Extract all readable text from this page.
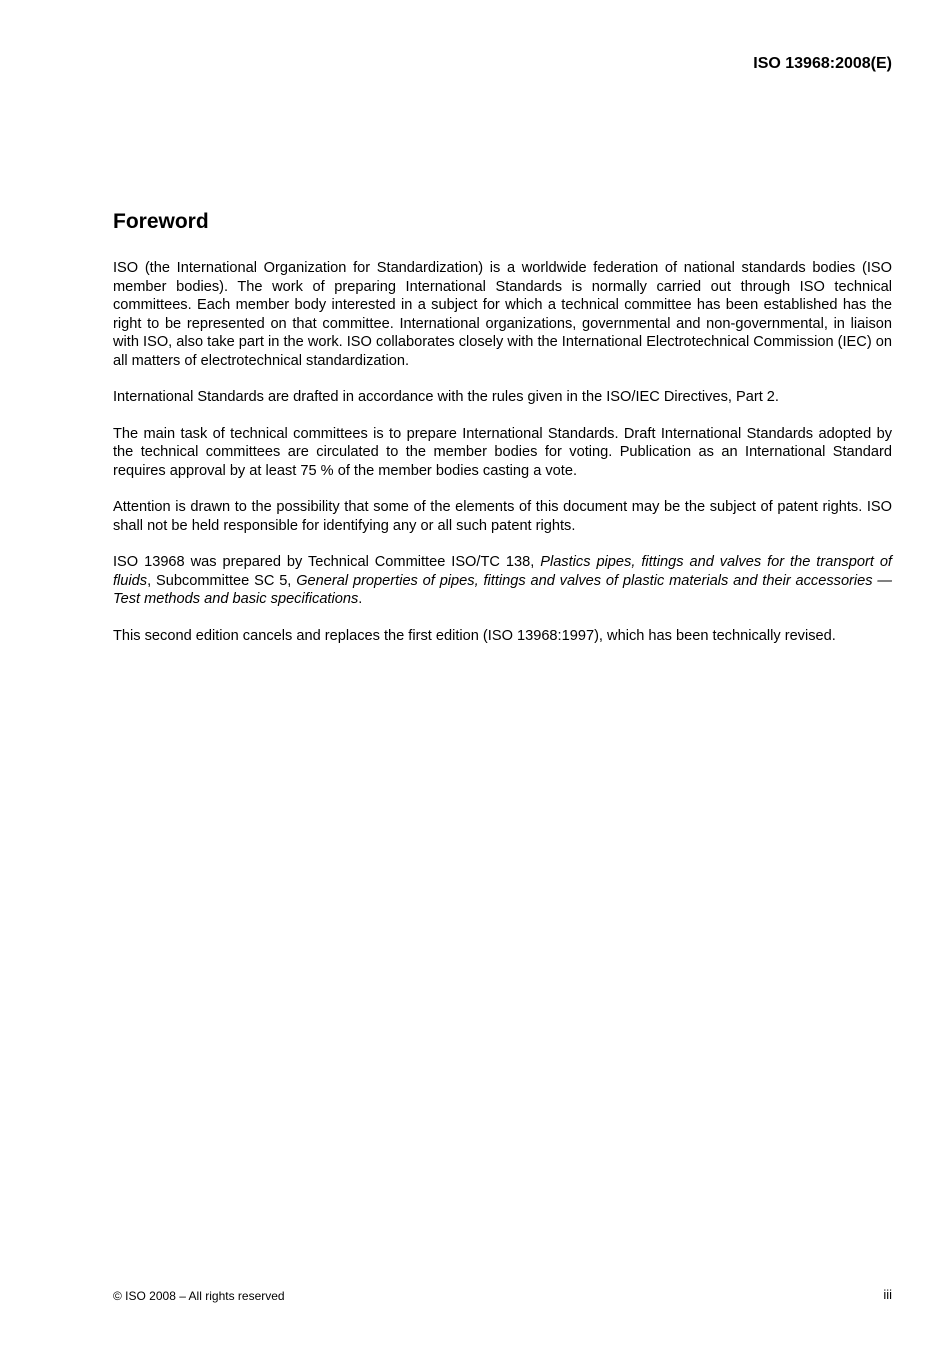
ISO 13968:2008(E)
Foreword

ISO (the International Organization for Standardization) is a worldwide federation of national standards bodies (ISO member bodies). The work of preparing International Standards is normally carried out through ISO technical committees. Each member body interested in a subject for which a technical committee has been established has the right to be represented on that committee. International organizations, governmental and non-governmental, in liaison with ISO, also take part in the work. ISO collaborates closely with the International Electrotechnical Commission (IEC) on all matters of electrotechnical standardization.

International Standards are drafted in accordance with the rules given in the ISO/IEC Directives, Part 2.

The main task of technical committees is to prepare International Standards. Draft International Standards adopted by the technical committees are circulated to the member bodies for voting. Publication as an International Standard requires approval by at least 75 % of the member bodies casting a vote.

Attention is drawn to the possibility that some of the elements of this document may be the subject of patent rights. ISO shall not be held responsible for identifying any or all such patent rights.

ISO 13968 was prepared by Technical Committee ISO/TC 138, Plastics pipes, fittings and valves for the transport of fluids, Subcommittee SC 5, General properties of pipes, fittings and valves of plastic materials and their accessories — Test methods and basic specifications.

This second edition cancels and replaces the first edition (ISO 13968:1997), which has been technically revised.

© ISO 2008 – All rights reserved	iii
